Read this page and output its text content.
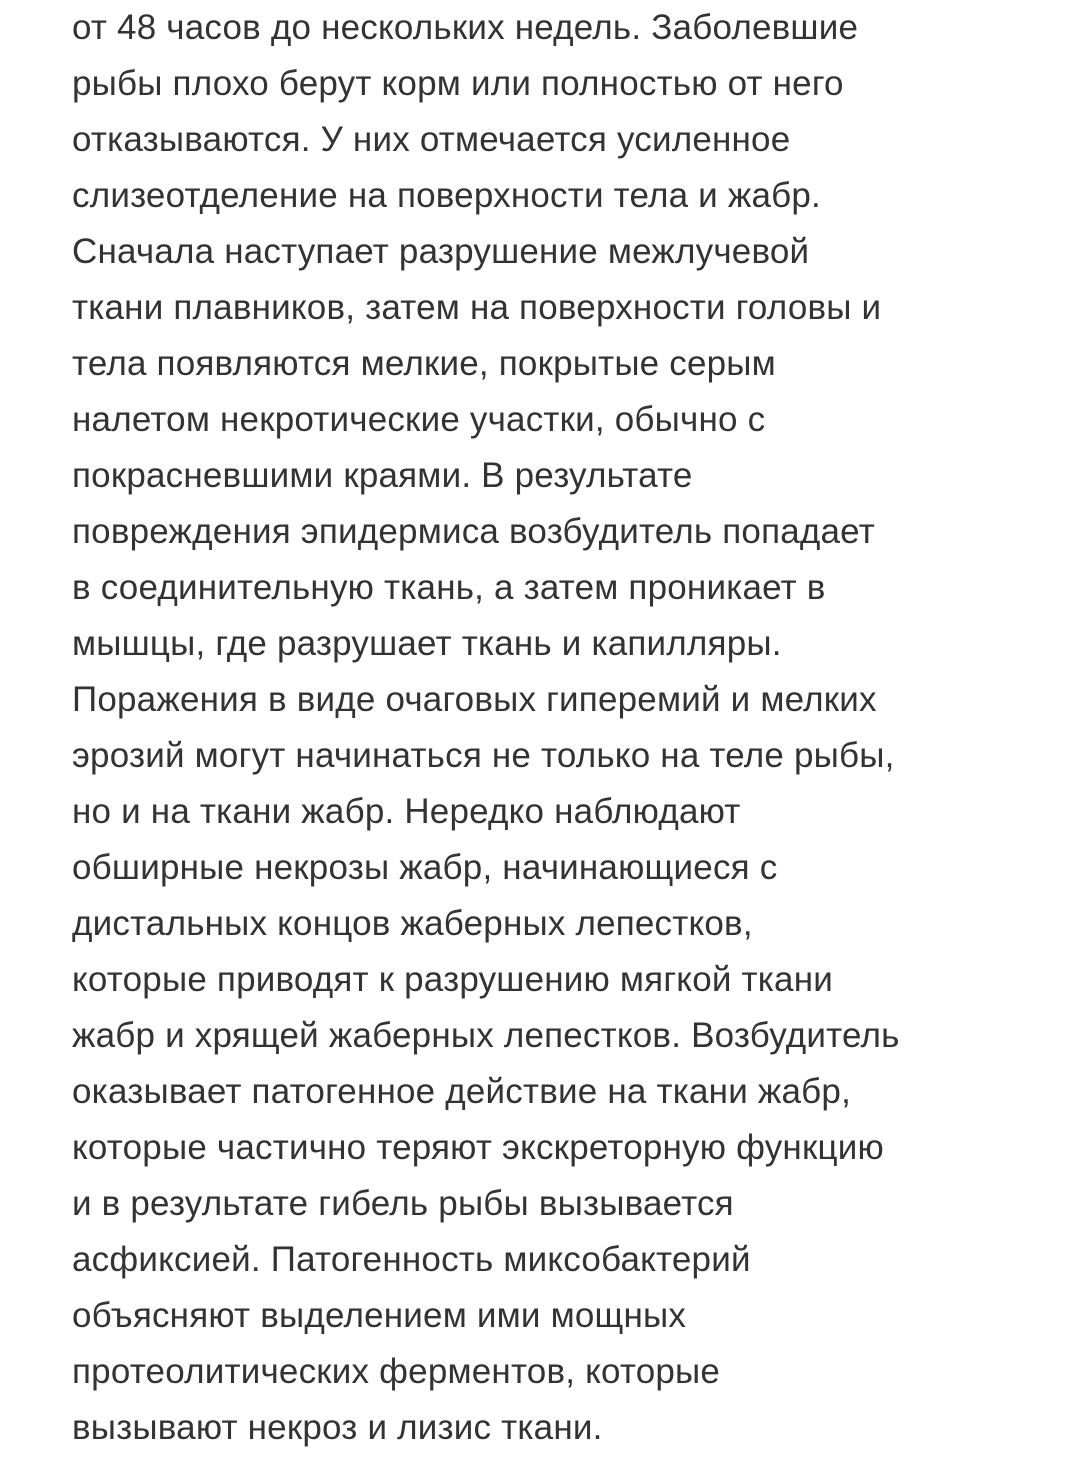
от 48 часов до нескольких недель. Заболевшие
рыбы плохо берут корм или полностью от него
отказываются. У них отмечается усиленное
слизеотделение на поверхности тела и жабр.
Сначала наступает разрушение межлучевой
ткани плавников, затем на поверхности головы и
тела появляются мелкие, покрытые серым
налетом некротические участки, обычно с
покрасневшими краями. В результате
повреждения эпидермиса возбудитель попадает
в соединительную ткань, а затем проникает в
мышцы, где разрушает ткань и капилляры.
Поражения в виде очаговых гиперемий и мелких
эрозий могут начинаться не только на теле рыбы,
но и на ткани жабр. Нередко наблюдают
обширные некрозы жабр, начинающиеся с
дистальных концов жаберных лепестков,
которые приводят к разрушению мягкой ткани
жабр и хрящей жаберных лепестков. Возбудитель
оказывает патогенное действие на ткани жабр,
которые частично теряют экскреторную функцию
и в результате гибель рыбы вызывается
асфиксией. Патогенность миксобактерий
объясняют выделением ими мощных
протеолитических ферментов, которые
вызывают некроз и лизис ткани.
